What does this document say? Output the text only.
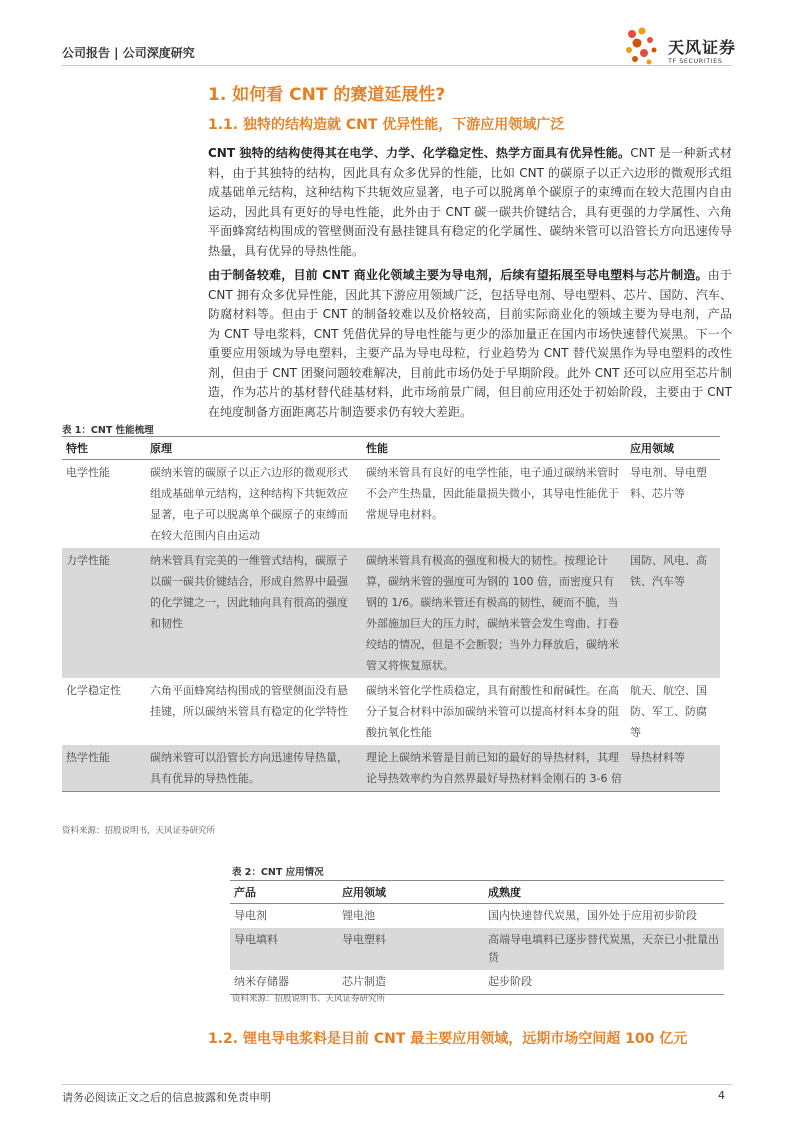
公司报告 | 公司深度研究	天风证券
TF SECURITIES
1. 如何看 CNT 的赛道延展性?
1.1. 独特的结构造就 CNT 优异性能，下游应用领域广泛
CNT 独特的结构使得其在电学、力学、化学稳定性、热学方面具有优异性能。CNT 是一种新式材料，由于其独特的结构，因此具有众多优异的性能，比如 CNT 的碳原子以正六边形的微观形式组成基础单元结构，这种结构下共轭效应显著，电子可以脱离单个碳原子的束缚而在较大范围内自由运动，因此具有更好的导电性能，此外由于 CNT 碳一碳共价键结合，具有更强的力学属性、六角平面蜂窝结构围成的管壁侧面没有悬挂键具有稳定的化学属性、碳纳米管可以沿管长方向迅速传导热量，具有优异的导热性能。
由于制备较难，目前 CNT 商业化领域主要为导电剂，后续有望拓展至导电塑料与芯片制造。由于 CNT 拥有众多优异性能，因此其下游应用领域广泛，包括导电剂、导电塑料、芯片、国防、汽车、防腐材料等。但由于 CNT 的制备较难以及价格较高，目前实际商业化的领域主要为导电剂，产品为 CNT 导电浆料，CNT 凭借优异的导电性能与更少的添加量正在国内市场快速替代炭黑。下一个重要应用领域为导电塑料，主要产品为导电母粒，行业趋势为 CNT 替代炭黑作为导电塑料的改性剂，但由于 CNT 团聚问题较难解决，目前此市场仍处于早期阶段。此外 CNT 还可以应用至芯片制造，作为芯片的基材替代硅基材料，此市场前景广阔，但目前应用还处于初始阶段，主要由于 CNT 在纯度制备方面距离芯片制造要求仍有较大差距。
表 1：CNT 性能梳理
特性	原理	性能	应用领域
电学性能	碳纳米管的碳原子以正六边形的微观形式组成基础单元结构，这种结构下共轭效应显著，电子可以脱离单个碳原子的束缚而在较大范围内自由运动	碳纳米管具有良好的电学性能，电子通过碳纳米管时不会产生热量，因此能量损失微小，其导电性能优于常规导电材料。	导电剂、导电塑料、芯片等
力学性能	纳米管具有完美的一维管式结构，碳原子以碳一碳共价键结合，形成自然界中最强的化学键之一，因此轴向具有很高的强度和韧性	碳纳米管具有极高的强度和极大的韧性。按理论计算，碳纳米管的强度可为钢的 100 倍，而密度只有钢的 1/6。碳纳米管还有极高的韧性，硬而不脆，当外部施加巨大的压力时，碳纳米管会发生弯曲、打卷绞结的情况，但是不会断裂；当外力释放后，碳纳米管又将恢复原状。	国防、风电、高铁、汽车等
化学稳定性	六角平面蜂窝结构围成的管壁侧面没有悬挂键，所以碳纳米管具有稳定的化学特性	碳纳米管化学性质稳定，具有耐酸性和耐碱性。在高分子复合材料中添加碳纳米管可以提高材料本身的阻酸抗氧化性能	航天、航空、国防、军工、防腐等
热学性能	碳纳米管可以沿管长方向迅速传导热量，具有优异的导热性能。	理论上碳纳米管是目前已知的最好的导热材料，其理论导热效率约为自然界最好导热材料金刚石的 3-6 倍	导热材料等
资料来源：招股说明书，天风证券研究所
表 2：CNT 应用情况
产品	应用领域	成熟度
导电剂	锂电池	国内快速替代炭黑，国外处于应用初步阶段
导电填料	导电塑料	高端导电填料已逐步替代炭黑，天奈已小批量出货
纳米存储器	芯片制造	起步阶段
资料来源：招股说明书、天风证券研究所
1.2. 锂电导电浆料是目前 CNT 最主要应用领域，远期市场空间超 100 亿元
请务必阅读正文之后的信息披露和免责申明	4
